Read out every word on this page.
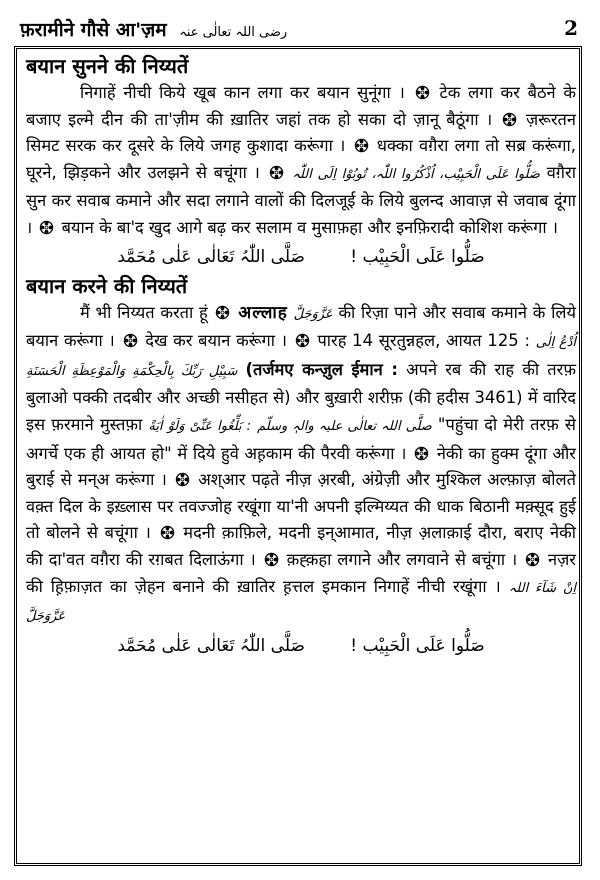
फ़रामीने गौसे आ'ज़म رضی اللہ تعالٰی عنہ	2
बयान सुनने की निय्यतें

निगाहें नीची किये खूब कान लगा कर बयान सुनूंगा । टेक लगा कर बैठने के बजाए इल्मे दीन की ता'ज़ीम की ख़ातिर जहां तक हो सका दो ज़ानू बैठूंगा । ज़रूरतन सिमट सरक कर दूसरे के लिये जगह कुशादा करूंगा । धक्का वग़ैरा लगा तो सब्र करूंगा, घूरने, झिड़कने और उलझने से बचूंगा ।	صَلُّوا عَلَی الْحَبِیْب، اُذْکُرُوا اللّٰہ، تُوبُوْا اِلَی اللّٰہ वग़ैरा सुन कर सवाब कमाने और सदा लगाने वालों की दिलजूई के लिये बुलन्द आवाज़ से जवाब दूंगा । बयान के बा'द खुद आगे बढ़ कर सलाम व मुसाफ़हा और इनफ़िरादी कोशिश करूंगा ।

صَلُّوا عَلَی الْحَبِیْب ! صَلَّی اللّٰہُ تَعَالٰی عَلٰی مُحَمَّد

बयान करने की निय्यतें

मैं भी निय्यत करता हूं अल्लाह عَزَّوَجَلَّ की रिज़ा पाने और सवाब कमाने के लिये बयान करूंगा । देख कर बयान करूंगा । पारह 14 सूरतुन्नहल, आयत 125 : اُدْعُ اِلٰی سَبِیْلِ رَبِّكَ بِالْحِكْمَةِ وَالْمَوْعِظَةِ الْحَسَنَةِ (तर्जमए कन्ज़ुल ईमान : अपने रब की राह की तरफ़ बुलाओ पक्की तदबीर और अच्छी नसीहत से) और बुख़ारी शरीफ़ (की हदीस 3461) में वारिद इस फ़रमाने मुस्तफ़ा	صلَّی اللہ تعالٰی علیہ والہٖ وسلّم : بَلِّغُوا عَنِّیْ وَلَوْ اٰیَةً	"पहुंचा दो मेरी तरफ़ से अगर्चे एक ही आयत हो" में दिये हुवे अह़काम की पैरवी करूंगा । नेकी का हुक्म दूंगा और बुराई से मन्अ करूंगा । अश्आर पढ़ते नीज़ अ़रबी, अंग्रेज़ी और मुश्किल अल्फ़ाज़ बोलते वक़्त दिल के इख़्लास पर तवज्जोह रखूंगा या'नी अपनी इल्मिय्यत की धाक बिठानी मक़्सूद हुई तो बोलने से बचूंगा । मदनी क़ाफ़िले, मदनी इन्आमात, नीज़ अ़लाक़ाई दौरा, बराए नेकी की दा'वत वग़ैरा की रग़बत दिलाऊंगा । क़ह्क़हा लगाने और लगवाने से बचूंगा । नज़र की ह़िफ़ाज़त का ज़ेहन बनाने की ख़ातिर ह़त्तल इमकान निगाहें नीची रखूंगा । اِنْ شَآءَ اللہ عَزَّوَجَلَّ

صَلُّوا عَلَی الْحَبِیْب ! صَلَّی اللّٰہُ تَعَالٰی عَلٰی مُحَمَّد
